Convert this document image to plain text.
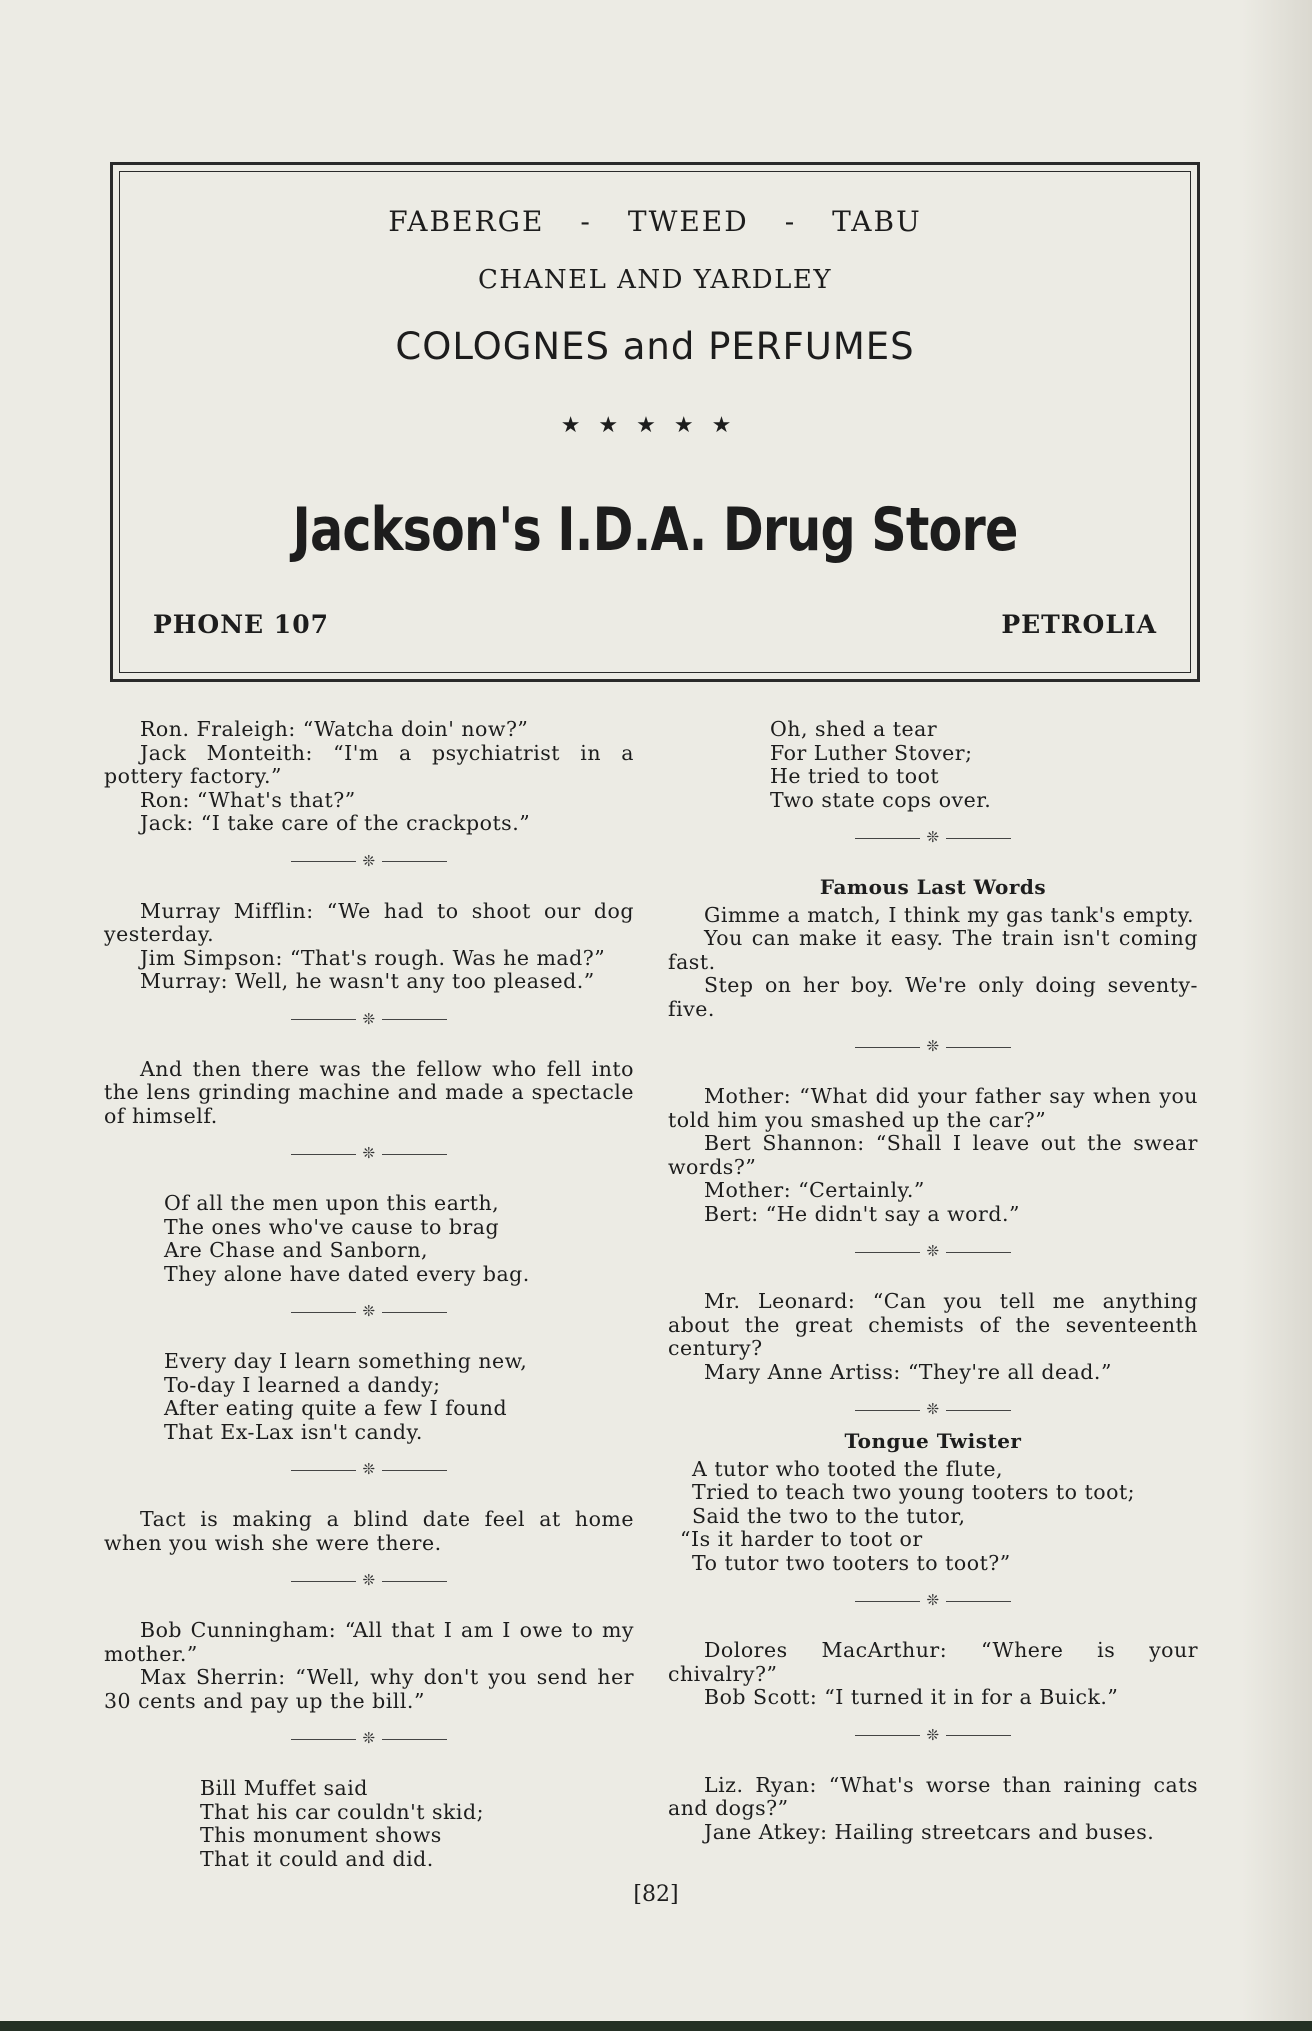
FABERGE - TWEED - TABU
CHANEL AND YARDLEY
COLOGNES and PERFUMES
★★★★★
Jackson's I.D.A. Drug Store
PHONE 107	PETROLIA
Ron. Fraleigh: “Watcha doin' now?”
Jack Monteith: “I'm a psychiatrist in a pottery factory.”
Ron: “What's that?”
Jack: “I take care of the crackpots.”
❊
Murray Mifflin: “We had to shoot our dog yesterday.
Jim Simpson: “That's rough. Was he mad?”
Murray: Well, he wasn't any too pleased.”
❊
And then there was the fellow who fell into the lens grinding machine and made a spectacle of himself.
❊
Of all the men upon this earth,
The ones who've cause to brag
Are Chase and Sanborn,
They alone have dated every bag.
❊
Every day I learn something new,
To-day I learned a dandy;
After eating quite a few I found
That Ex-Lax isn't candy.
❊
Tact is making a blind date feel at home when you wish she were there.
❊
Bob Cunningham: “All that I am I owe to my mother.”
Max Sherrin: “Well, why don't you send her 30 cents and pay up the bill.”
❊
Bill Muffet said
That his car couldn't skid;
This monument shows
That it could and did.
Oh, shed a tear
For Luther Stover;
He tried to toot
Two state cops over.
❊
Famous Last Words
Gimme a match, I think my gas tank's empty.
You can make it easy. The train isn't coming fast.
Step on her boy. We're only doing seventy-five.
❊
Mother: “What did your father say when you told him you smashed up the car?”
Bert Shannon: “Shall I leave out the swear words?”
Mother: “Certainly.”
Bert: “He didn't say a word.”
❊
Mr. Leonard: “Can you tell me anything about the great chemists of the seventeenth century?
Mary Anne Artiss: “They're all dead.”
❊
Tongue Twister
A tutor who tooted the flute,
Tried to teach two young tooters to toot;
Said the two to the tutor,
“Is it harder to toot or
To tutor two tooters to toot?”
❊
Dolores MacArthur: “Where is your chivalry?”
Bob Scott: “I turned it in for a Buick.”
❊
Liz. Ryan: “What's worse than raining cats and dogs?”
Jane Atkey: Hailing streetcars and buses.
[82]
